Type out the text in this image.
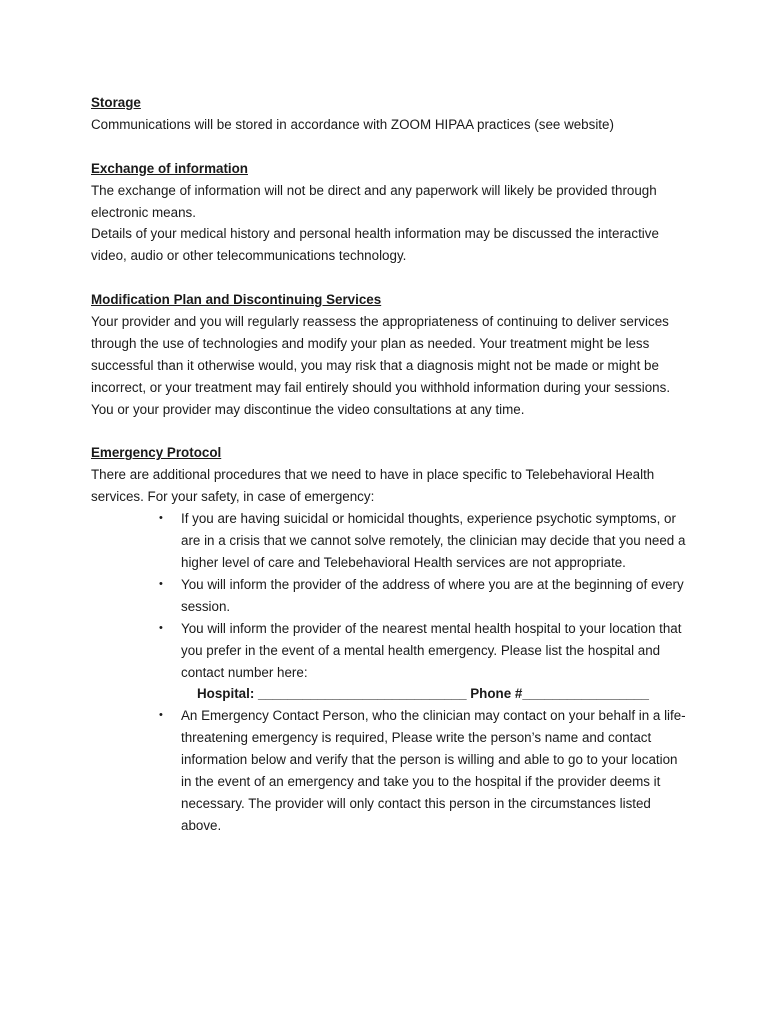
Storage

Communications will be stored in accordance with ZOOM HIPAA practices (see website)

Exchange of information

The exchange of information will not be direct and any paperwork will likely be provided through electronic means.

Details of your medical history and personal health information may be discussed the interactive video, audio or other telecommunications technology.

Modification Plan and Discontinuing Services

Your provider and you will regularly reassess the appropriateness of continuing to deliver services through the use of technologies and modify your plan as needed. Your treatment might be less successful than it otherwise would, you may risk that a diagnosis might not be made or might be incorrect, or your treatment may fail entirely should you withhold information during your sessions.

You or your provider may discontinue the video consultations at any time.

Emergency Protocol

There are additional procedures that we need to have in place specific to Telebehavioral Health services. For your safety, in case of emergency:

• If you are having suicidal or homicidal thoughts, experience psychotic symptoms, or are in a crisis that we cannot solve remotely, the clinician may decide that you need a higher level of care and Telebehavioral Health services are not appropriate.
• You will inform the provider of the address of where you are at the beginning of every session.
• You will inform the provider of the nearest mental health hospital to your location that you prefer in the event of a mental health emergency. Please list the hospital and contact number here:

Hospital: ____________________________ Phone #_________________

• An Emergency Contact Person, who the clinician may contact on your behalf in a life-threatening emergency is required, Please write the person’s name and contact information below and verify that the person is willing and able to go to your location in the event of an emergency and take you to the hospital if the provider deems it necessary. The provider will only contact this person in the circumstances listed above.
